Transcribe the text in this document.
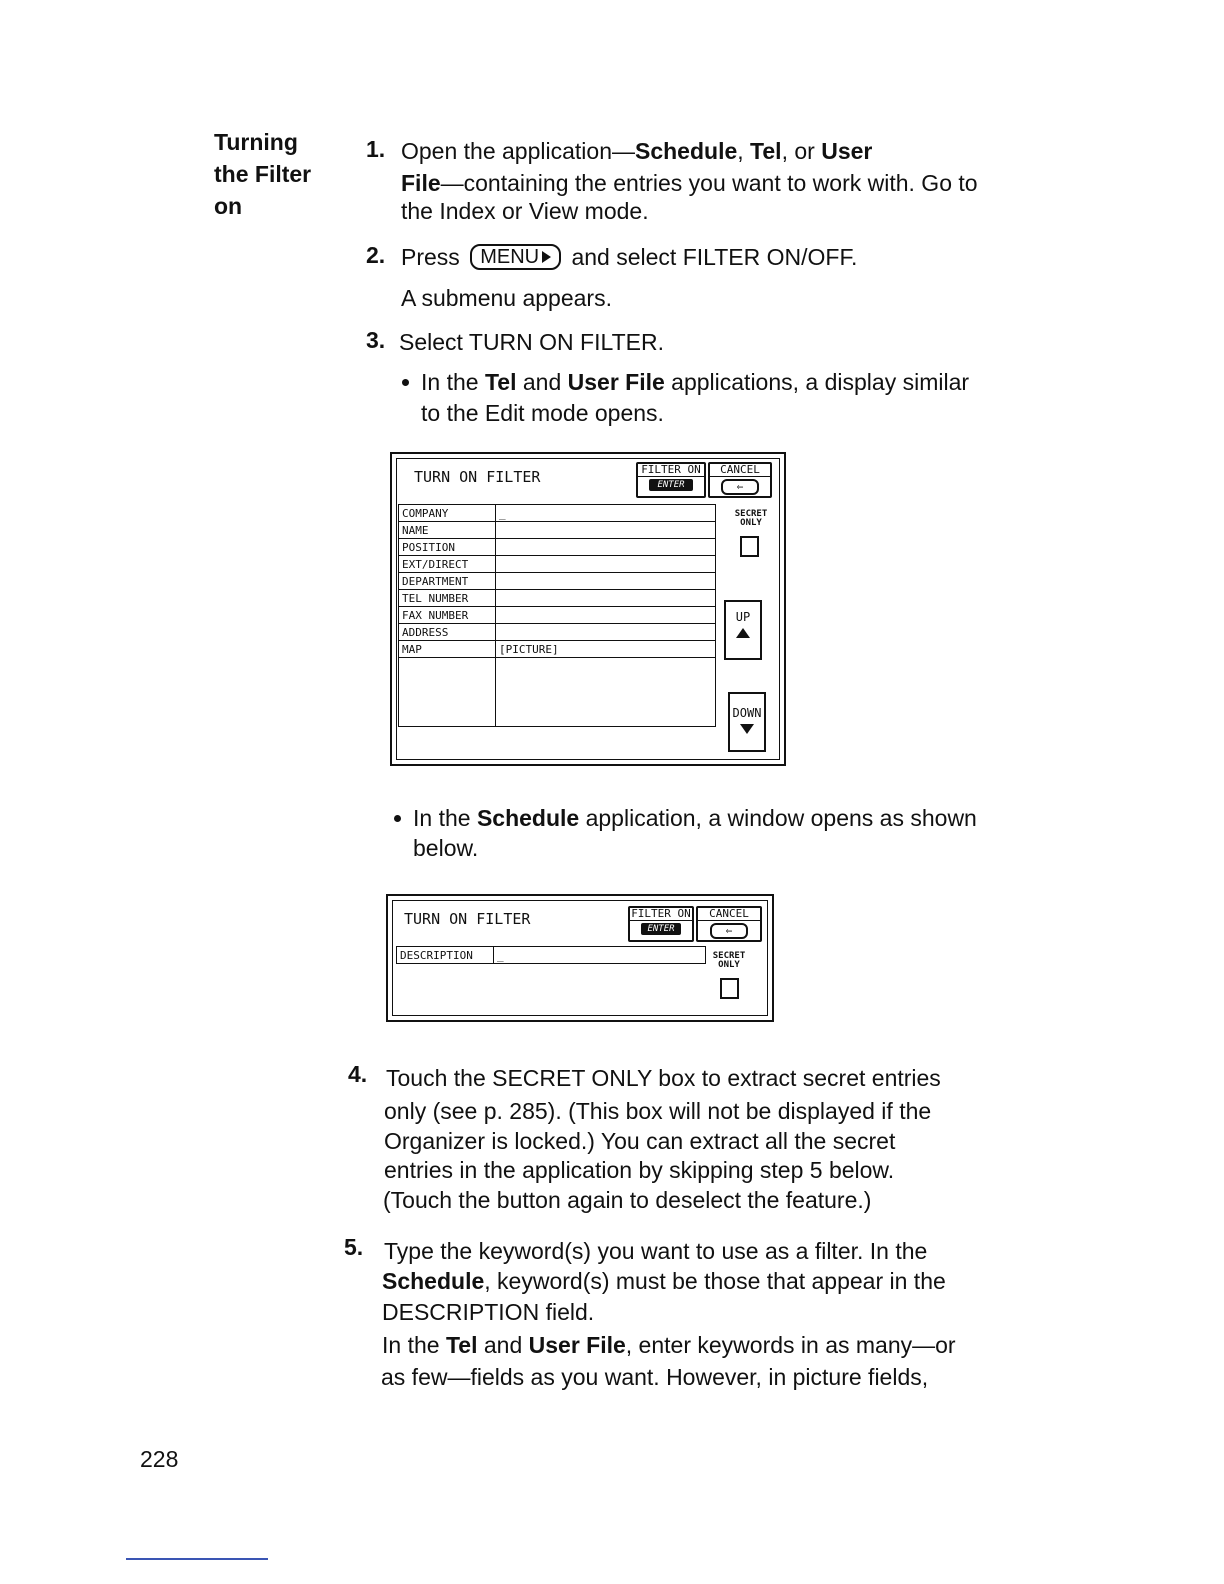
Turning
the Filter
on
1. Open the application—Schedule, Tel, or User
File—containing the entries you want to work with. Go to
the Index or View mode.
2. Press MENU and select FILTER ON/OFF.
A submenu appears.
3. Select TURN ON FILTER.
In the Tel and User File applications, a display similar
to the Edit mode opens.
TURN ON FILTER	FILTER ON
ENTER
CANCEL
⇐
COMPANY	_
NAME	
POSITION	
EXT/DIRECT	
DEPARTMENT	
TEL NUMBER	
FAX NUMBER	
ADDRESS	
MAP	[PICTURE]

SECRET
ONLY
UP
DOWN
In the Schedule application, a window opens as shown
below.
TURN ON FILTER	FILTER ON
ENTER
CANCEL
⇐
DESCRIPTION	_	SECRET
ONLY
4. Touch the SECRET ONLY box to extract secret entries
only (see p. 285). (This box will not be displayed if the
Organizer is locked.) You can extract all the secret
entries in the application by skipping step 5 below.
(Touch the button again to deselect the feature.)
5. Type the keyword(s) you want to use as a filter. In the
Schedule, keyword(s) must be those that appear in the
DESCRIPTION field.
In the Tel and User File, enter keywords in as many—or
as few—fields as you want. However, in picture fields,
228
